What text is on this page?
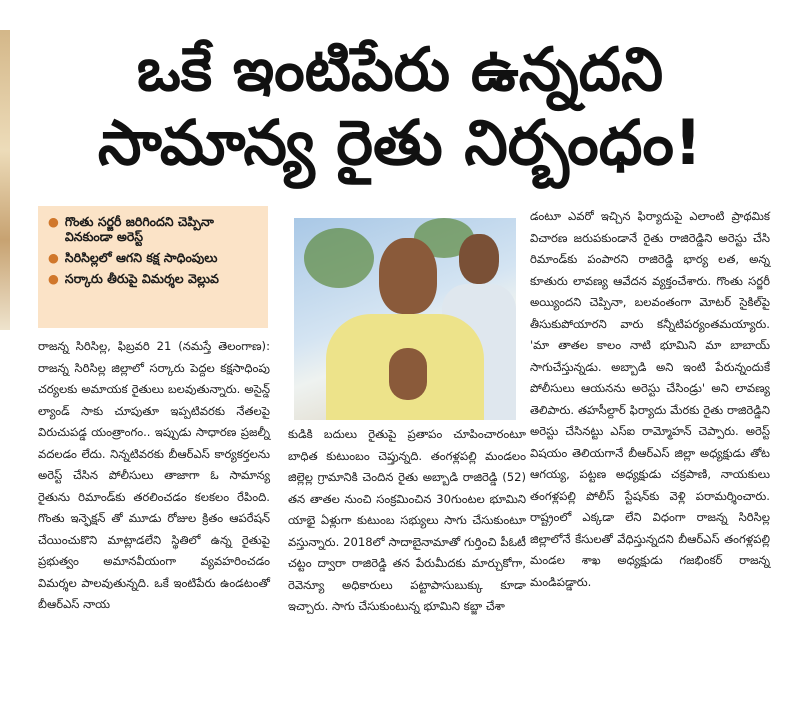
ఒకే ఇంటిపేరు ఉన్నదని
సామాన్య రైతు నిర్బంధం!
● గొంతు సర్జరీ జరిగిందని చెప్పినా వినకుండా అరెస్ట్
● సిరిసిల్లలో ఆగని కక్ష సాధింపులు
● సర్కారు తీరుపై విమర్శల వెల్లువ

రాజన్న సిరిసిల్ల, ఫిబ్రవరి 21 (నమస్తే తెలంగాణ): రాజన్న సిరిసిల్ల జిల్లాలో సర్కారు పెద్దల కక్షసాధింపు చర్యలకు అమాయక రైతులు బలవుతున్నారు. అసైన్డ్ ల్యాండ్ సాకు చూపుతూ ఇప్పటివరకు నేతలపై విరుచుపడ్డ యంత్రాంగం.. ఇప్పుడు సాధారణ ప్రజల్నీ వదలడం లేదు. నిన్నటివరకు బీఆర్ఎస్ కార్యకర్తలను అరెస్ట్ చేసిన పోలీసులు తాజాగా ఓ సామాన్య రైతును రిమాండ్‌కు తరలించడం కలకలం రేపింది. గొంతు ఇన్ఫెక్షన్ తో మూడు రోజుల క్రితం ఆపరేషన్ చేయించుకొని మాట్లాడలేని స్థితిలో ఉన్న రైతుపై ప్రభుత్వం అమానవీయంగా వ్యవహరించడం విమర్శల పాలవుతున్నది. ఒకే ఇంటిపేరు ఉండటంతో బీఆర్ఎస్ నాయ

కుడికి బదులు రైతుపై ప్రతాపం చూపించారంటూ బాధిత కుటుంబం చెప్తున్నది. తంగళ్లపల్లి మండలం జిల్లెల్ల గ్రామానికి చెందిన రైతు అబ్బాడి రాజిరెడ్డి (52) తన తాతల నుంచి సంక్రమించిన 30గుంటల భూమిని యాభై ఏళ్లుగా కుటుంబ సభ్యులు సాగు చేసుకుంటూ వస్తున్నారు. 2018లో సాదాబైనామాతో గుర్తించి పీఓటీ చట్టం ద్వారా రాజిరెడ్డి తన పేరుమీదకు మార్చుకోగా, రెవెన్యూ అధికారులు పట్టాపాసుబుక్కు కూడా ఇచ్చారు. సాగు చేసుకుంటున్న భూమిని కబ్జా చేశా

డంటూ ఎవరో ఇచ్చిన ఫిర్యాదుపై ఎలాంటి ప్రాథమిక విచారణ జరుపకుండానే రైతు రాజిరెడ్డిని అరెస్టు చేసి రిమాండ్‌కు పంపారని రాజిరెడ్డి భార్య లత, అన్న కూతురు లావణ్య ఆవేదన వ్యక్తంచేశారు. గొంతు సర్జరీ అయ్యిందని చెప్పినా, బలవంతంగా మోటర్ సైకిల్‌పై తీసుకుపోయారని వారు కన్నీటిపర్యంతమయ్యారు. 'మా తాతల కాలం నాటి భూమిని మా బాబాయ్ సాగుచేస్తున్నడు. అబ్బాడి అని ఇంటి పేరున్నందుకే పోలీసులు ఆయనను అరెస్టు చేసిండ్రు' అని లావణ్య తెలిపారు. తహసీల్దార్ ఫిర్యాదు మేరకు రైతు రాజిరెడ్డిని అరెస్టు చేసినట్టు ఎస్ఐ రామ్మోహన్ చెప్పారు. అరెస్ట్ విషయం తెలియగానే బీఆర్ఎస్ జిల్లా అధ్యక్షుడు తోట ఆగయ్య, పట్టణ అధ్యక్షుడు చక్రపాణి, నాయకులు తంగళ్లపల్లి పోలీస్ స్టేషన్‌కు వెళ్లి పరామర్శించారు. రాష్ట్రంలో ఎక్కడా లేని విధంగా రాజన్న సిరిసిల్ల జిల్లాలోనే కేసులతో వేధిస్తున్నదని బీఆర్ఎస్ తంగళ్లపల్లి మండల శాఖ అధ్యక్షుడు గజభింకర్ రాజన్న మండిపడ్డారు.
